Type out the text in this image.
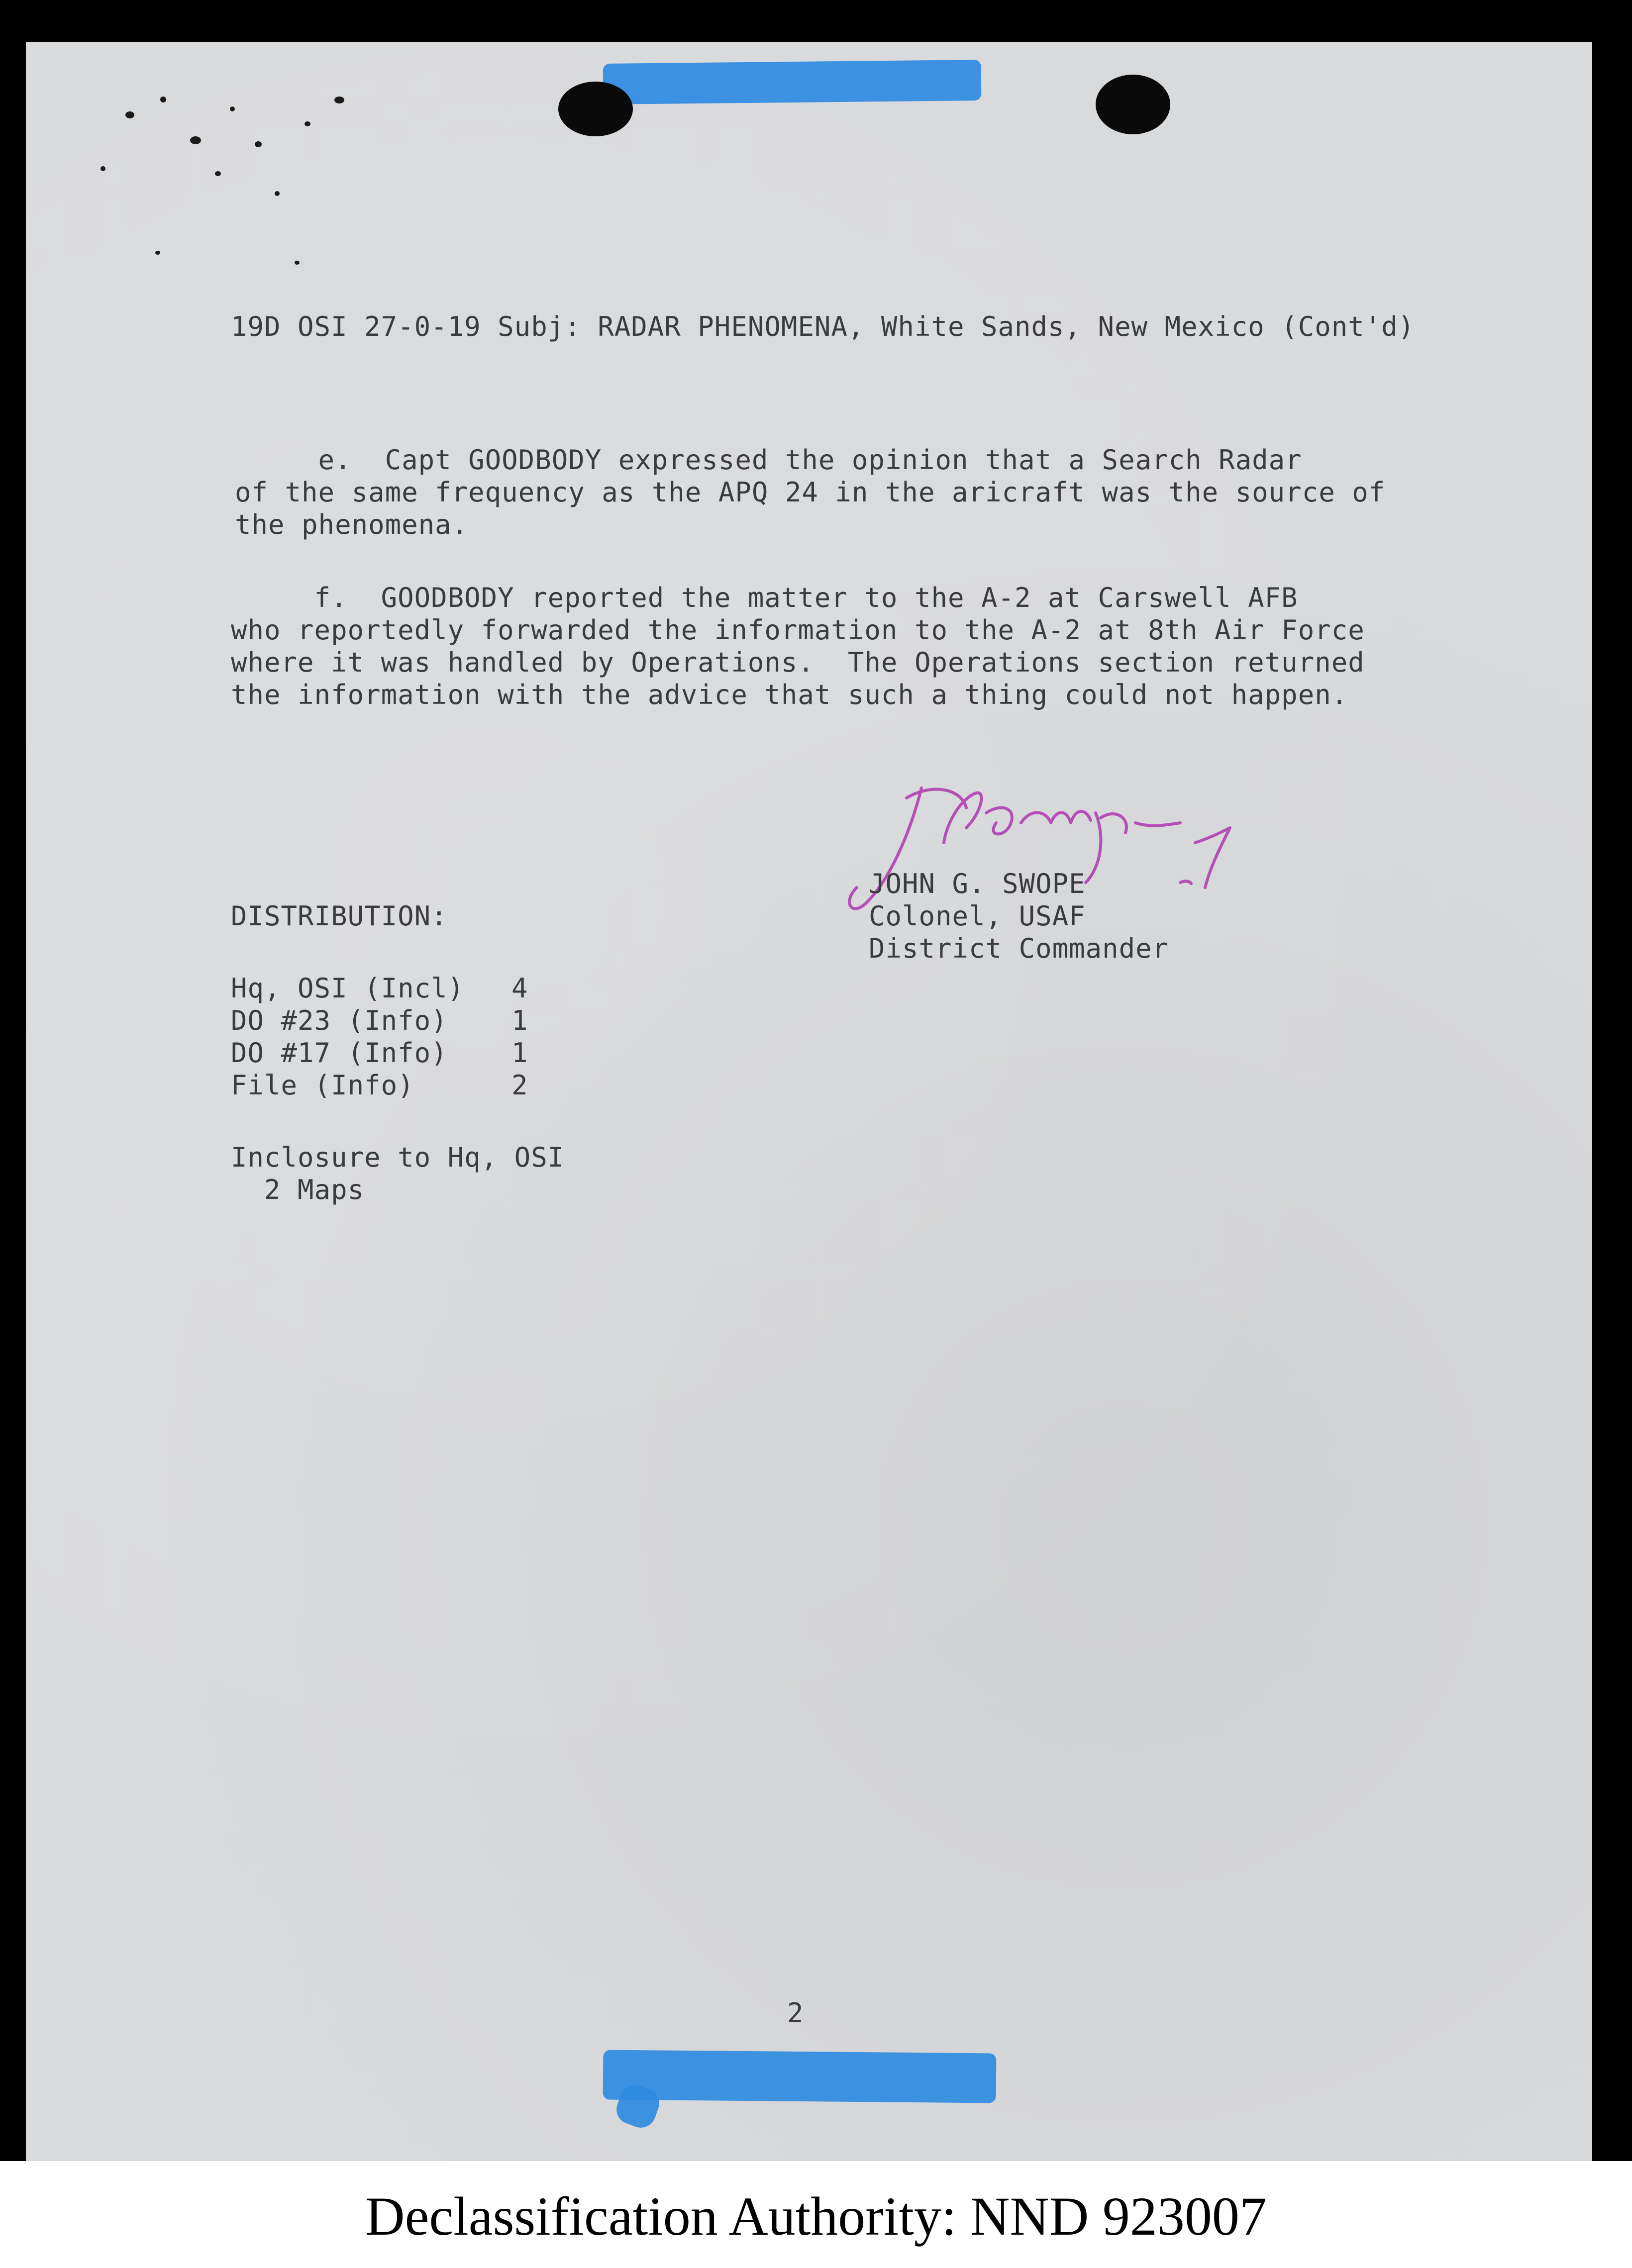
19D OSI 27-0-19 Subj: RADAR PHENOMENA, White Sands, New Mexico (Cont'd)

e.  Capt GOODBODY expressed the opinion that a Search Radar

of the same frequency as the APQ 24 in the aricraft was the source of

the phenomena.

f.  GOODBODY reported the matter to the A-2 at Carswell AFB

who reportedly forwarded the information to the A-2 at 8th Air Force

where it was handled by Operations.  The Operations section returned

the information with the advice that such a thing could not happen.

JOHN G. SWOPE

Colonel, USAF

District Commander

DISTRIBUTION:

Hq, OSI (Incl) 4

DO #23 (Info) 1

DO #17 (Info) 1

File (Info)	2

Inclosure to Hq, OSI

2 Maps

2

Declassification Authority: NND 923007
